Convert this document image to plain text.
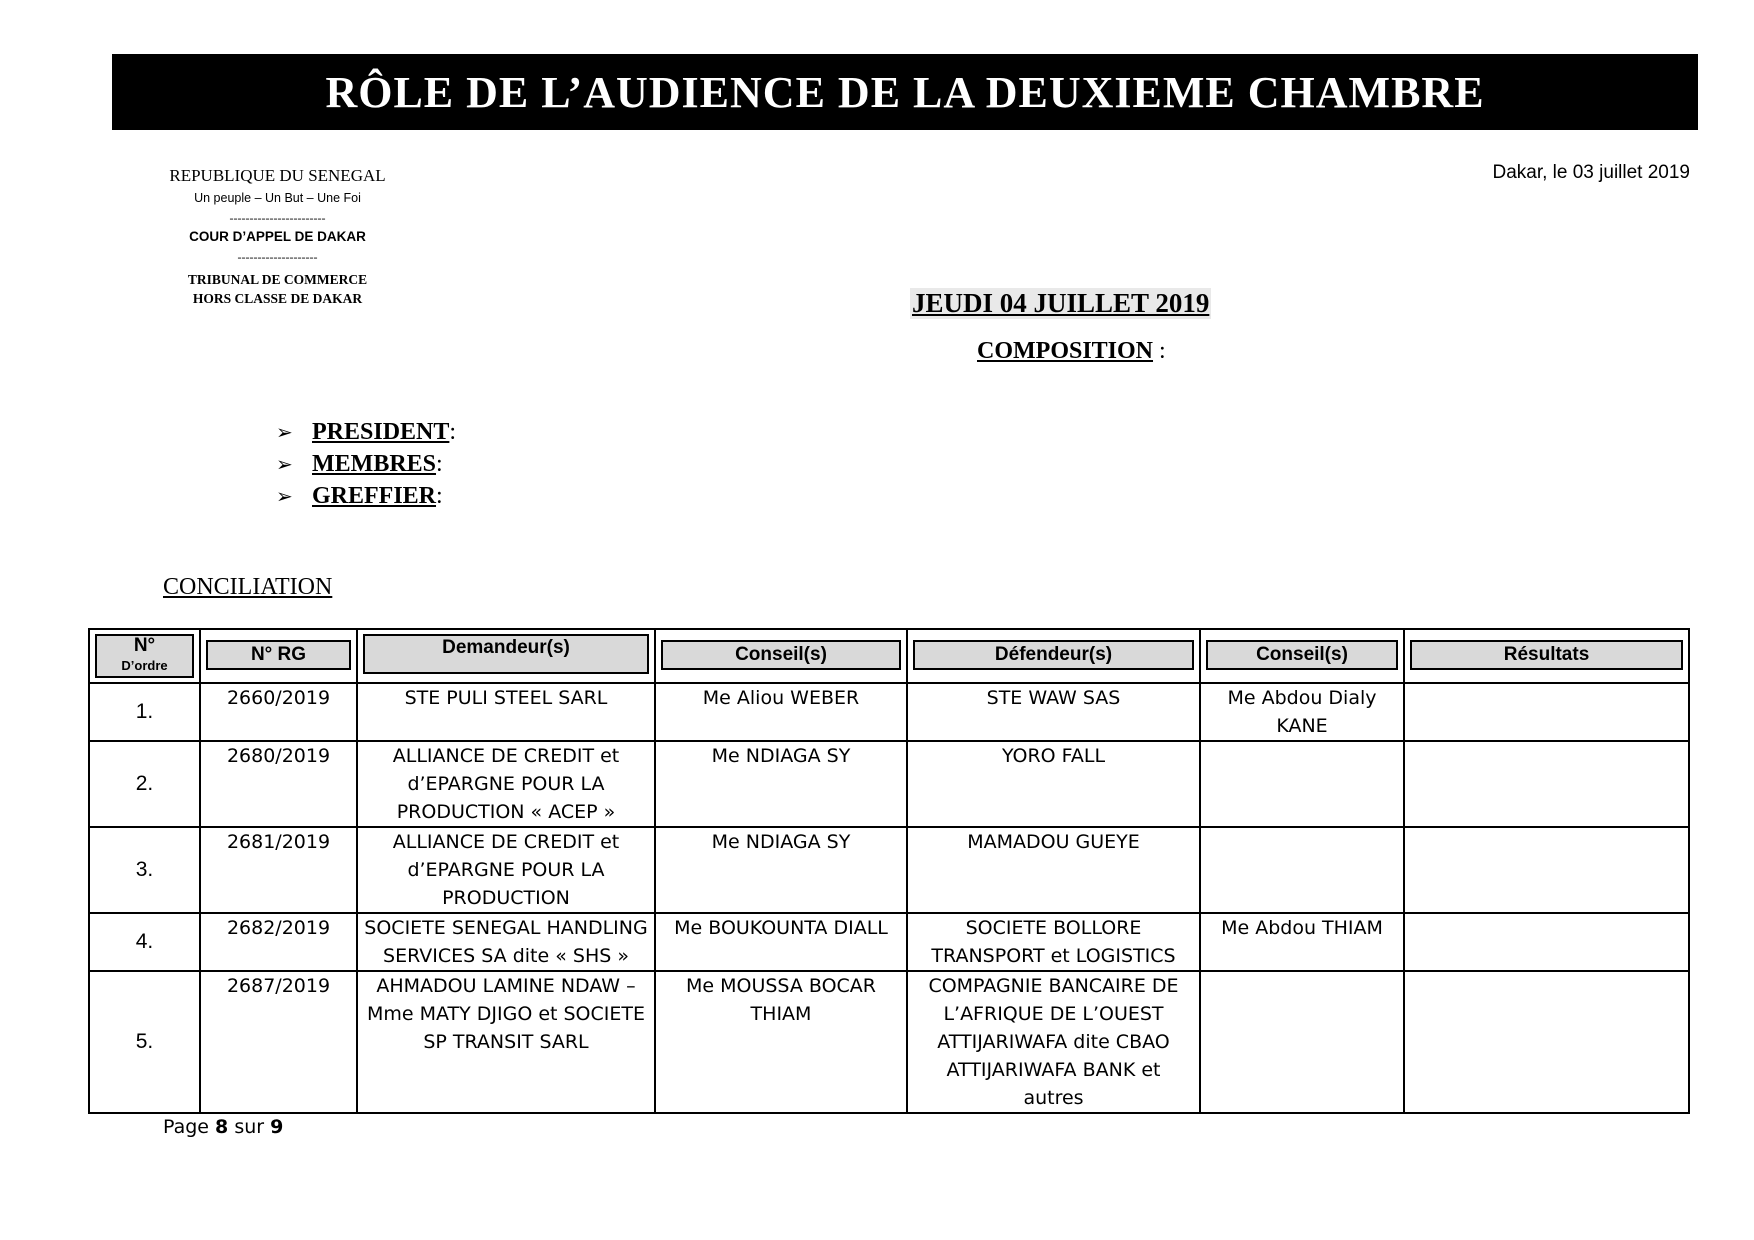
RÔLE DE L’AUDIENCE DE LA DEUXIEME CHAMBRE
REPUBLIQUE DU SENEGAL
Un peuple – Un But – Une Foi
------------------------
COUR D’APPEL DE DAKAR
--------------------
TRIBUNAL DE COMMERCE
HORS CLASSE DE DAKAR
Dakar, le 03 juillet 2019
JEUDI 04 JUILLET 2019
COMPOSITION :
➢ PRESIDENT :
➢ MEMBRES :
➢ GREFFIER :
CONCILIATION
N°
D’ordre	N° RG	Demandeur(s)	Conseil(s)	Défendeur(s)	Conseil(s)	Résultats

1.	2660/2019	STE PULI STEEL SARL	Me Aliou WEBER	STE WAW SAS	Me Abdou Dialy KANE	
2.	2680/2019	ALLIANCE DE CREDIT et d’EPARGNE POUR LA PRODUCTION « ACEP »	Me NDIAGA SY	YORO FALL		
3.	2681/2019	ALLIANCE DE CREDIT et d’EPARGNE POUR LA PRODUCTION	Me NDIAGA SY	MAMADOU GUEYE		
4.	2682/2019	SOCIETE SENEGAL HANDLING SERVICES SA dite « SHS »	Me BOUKOUNTA DIALL	SOCIETE BOLLORE TRANSPORT et LOGISTICS	Me Abdou THIAM	
5.	2687/2019	AHMADOU LAMINE NDAW – Mme MATY DJIGO et SOCIETE SP TRANSIT SARL	Me MOUSSA BOCAR THIAM	COMPAGNIE BANCAIRE DE L’AFRIQUE DE L’OUEST ATTIJARIWAFA dite CBAO ATTIJARIWAFA BANK et autres		
Page 8 sur 9
